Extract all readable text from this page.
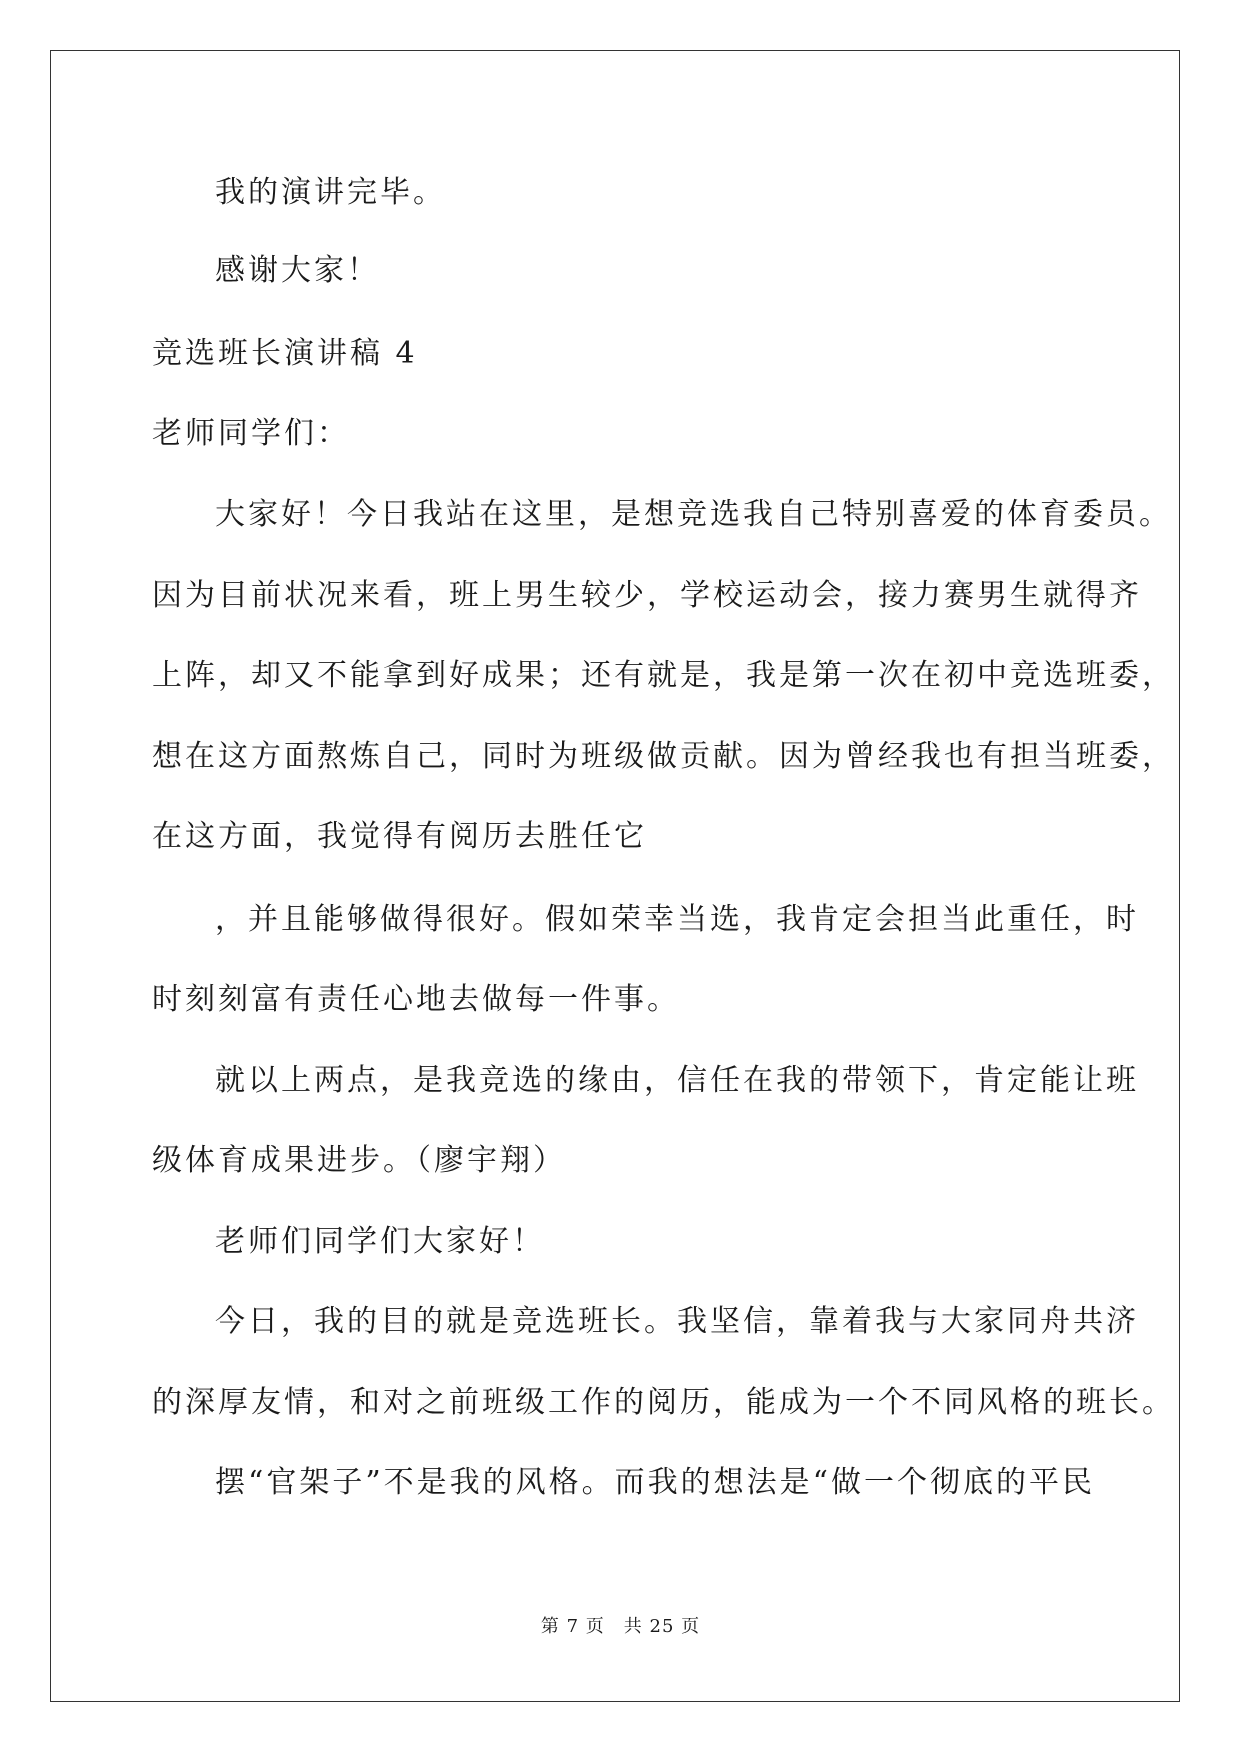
我的演讲完毕。
感谢大家！
竞选班长演讲稿 4
老师同学们：
大家好！今日我站在这里，是想竞选我自己特别喜爱的体育委员。
因为目前状况来看，班上男生较少，学校运动会，接力赛男生就得齐
上阵，却又不能拿到好成果；还有就是，我是第一次在初中竞选班委，
想在这方面熬炼自己，同时为班级做贡献。因为曾经我也有担当班委，
在这方面，我觉得有阅历去胜任它
，并且能够做得很好。假如荣幸当选，我肯定会担当此重任，时
时刻刻富有责任心地去做每一件事。
就以上两点，是我竞选的缘由，信任在我的带领下，肯定能让班
级体育成果进步。（廖宇翔）
老师们同学们大家好！
今日，我的目的就是竞选班长。我坚信，靠着我与大家同舟共济
的深厚友情，和对之前班级工作的阅历，能成为一个不同风格的班长。
摆“官架子”不是我的风格。而我的想法是“做一个彻底的平民
第 7 页　共 25 页
